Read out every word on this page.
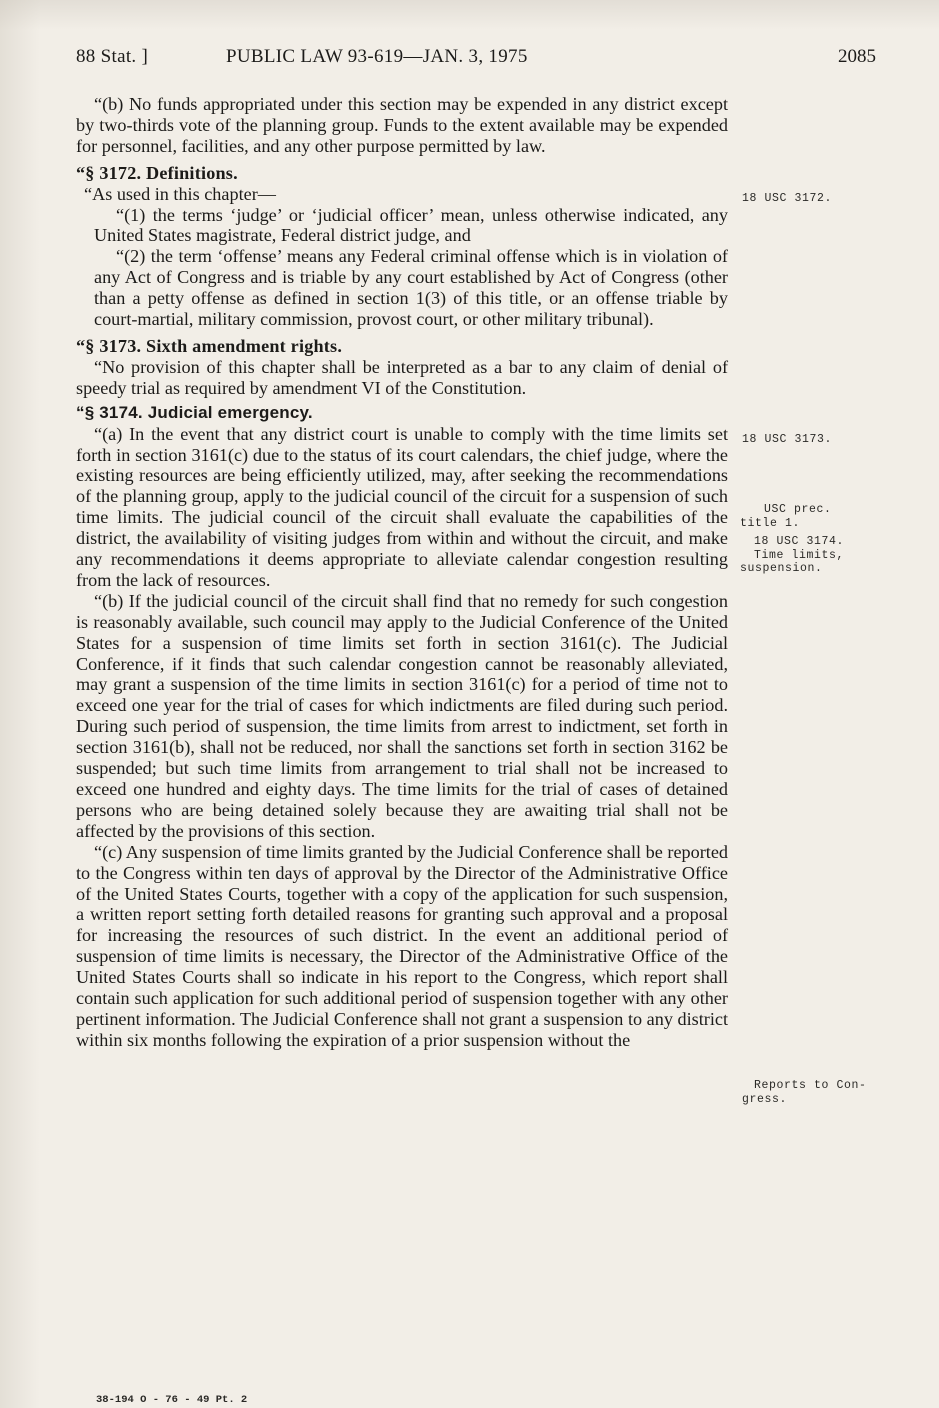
88 Stat. ]	PUBLIC LAW 93-619—JAN. 3, 1975	2085

“(b) No funds appropriated under this section may be expended in any district except by two-thirds vote of the planning group. Funds to the extent available may be expended for personnel, facilities, and any other purpose permitted by law.

“§ 3172. Definitions.

“As used in this chapter—

“(1) the terms ‘judge’ or ‘judicial officer’ mean, unless otherwise indicated, any United States magistrate, Federal district judge, and

“(2) the term ‘offense’ means any Federal criminal offense which is in violation of any Act of Congress and is triable by any court established by Act of Congress (other than a petty offense as defined in section 1(3) of this title, or an offense triable by court-martial, military commission, provost court, or other military tribunal).

“§ 3173. Sixth amendment rights.

“No provision of this chapter shall be interpreted as a bar to any claim of denial of speedy trial as required by amendment VI of the Constitution.

“§ 3174. Judicial emergency.

“(a) In the event that any district court is unable to comply with the time limits set forth in section 3161(c) due to the status of its court calendars, the chief judge, where the existing resources are being efficiently utilized, may, after seeking the recommendations of the planning group, apply to the judicial council of the circuit for a suspension of such time limits. The judicial council of the circuit shall evaluate the capabilities of the district, the availability of visiting judges from within and without the circuit, and make any recommendations it deems appropriate to alleviate calendar congestion resulting from the lack of resources.

“(b) If the judicial council of the circuit shall find that no remedy for such congestion is reasonably available, such council may apply to the Judicial Conference of the United States for a suspension of time limits set forth in section 3161(c). The Judicial Conference, if it finds that such calendar congestion cannot be reasonably alleviated, may grant a suspension of the time limits in section 3161(c) for a period of time not to exceed one year for the trial of cases for which indictments are filed during such period. During such period of suspension, the time limits from arrest to indictment, set forth in section 3161(b), shall not be reduced, nor shall the sanctions set forth in section 3162 be suspended; but such time limits from arrangement to trial shall not be increased to exceed one hundred and eighty days. The time limits for the trial of cases of detained persons who are being detained solely because they are awaiting trial shall not be affected by the provisions of this section.

“(c) Any suspension of time limits granted by the Judicial Conference shall be reported to the Congress within ten days of approval by the Director of the Administrative Office of the United States Courts, together with a copy of the application for such suspension, a written report setting forth detailed reasons for granting such approval and a proposal for increasing the resources of such district. In the event an additional period of suspension of time limits is necessary, the Director of the Administrative Office of the United States Courts shall so indicate in his report to the Congress, which report shall contain such application for such additional period of suspension together with any other pertinent information. The Judicial Conference shall not grant a suspension to any district within six months following the expiration of a prior suspension without the

18 USC 3172.
18 USC 3173.
USC prec.
title 1.
18 USC 3174.
Time limits,
suspension.
Reports to Con-
gress.
38-194 O - 76 - 49 Pt. 2
